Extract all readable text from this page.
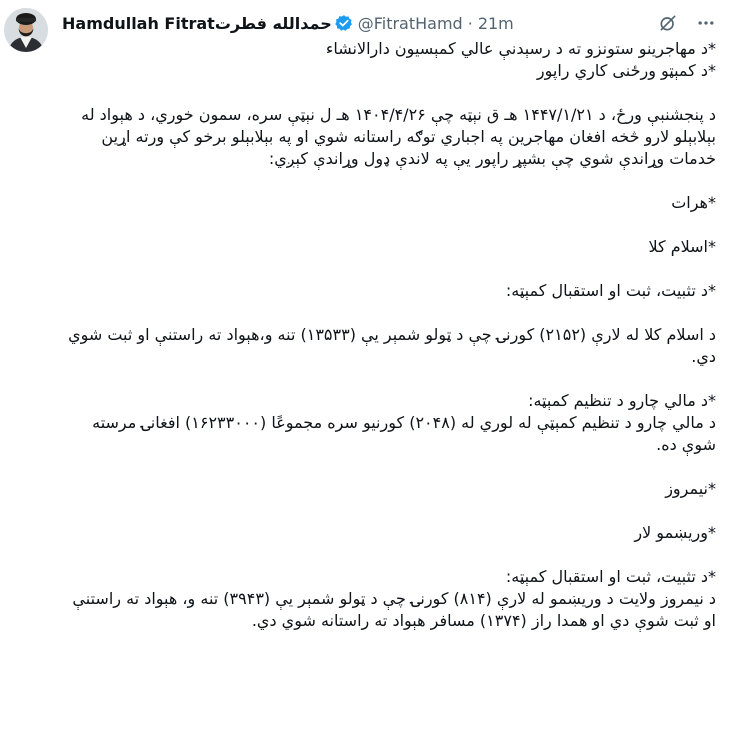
Hamdullah Fitrat حمدالله فطرت @FitratHamd · 21m

*د مهاجرینو ستونزو ته د رسېدنې عالي کمېسیون دارالانشاء

*د کمېټو ورځنی کاري راپور

د پنجشنبې ورځ، د ۱۴۴۷/۱/۲۱ هـ ق نېټه چې ۱۴۰۴/۴/۲۶ هـ ل نېټې سره، سمون خوري، د هېواد له بېلابېلو لارو څخه افغان مهاجرین په اجباري توګه راستانه شوي او په بېلابېلو برخو کې ورته اړین خدمات وړاندې شوي چې بشپړ راپور یې په لاندې ډول وړاندې کېږي:

*هرات

*اسلام کلا

*د تثبیت، ثبت او استقبال کمېټه:

د اسلام کلا له لارې (۲۱۵۲) کورنۍ چې د ټولو شمېر یې (۱۳۵۳۳) تنه و،هېواد ته راستنې او ثبت شوي دي.

*د مالي چارو د تنظیم کمېټه:

د مالي چارو د تنظیم کمېټې له لوري له (۲۰۴۸) کورنیو سره مجموعًا (۱۶۲۳۳۰۰۰) افغانۍ مرسته شوې ده.

*نیمروز

*وریښمو لار

*د تثبیت، ثبت او استقبال کمېټه:

د نیمروز ولایت د وریښمو له لارې (۸۱۴) کورنۍ چې د ټولو شمېر یې (۳۹۴۳) تنه و، هېواد ته راستنې او ثبت شوې دي او همدا راز (۱۳۷۴) مسافر هېواد ته راستانه شوي دي.
